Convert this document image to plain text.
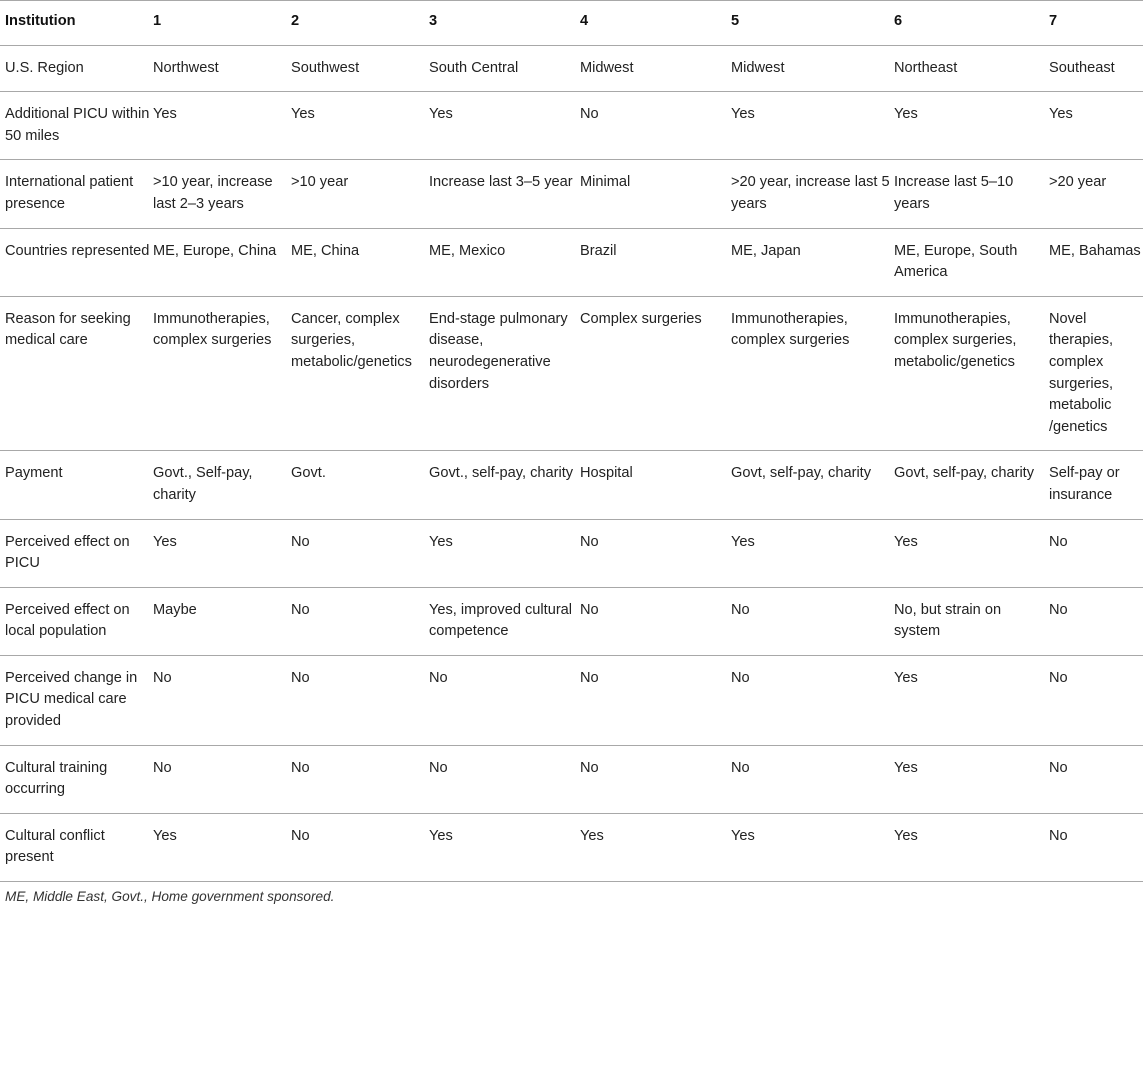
Institution	1	2	3	4	5	6	7
U.S. Region	Northwest	Southwest	South Central	Midwest	Midwest	Northeast	Southeast
Additional PICU within 50 miles	Yes	Yes	Yes	No	Yes	Yes	Yes
International patient presence	>10 year, increase last 2–3 years	>10 year	Increase last 3–5 year	Minimal	>20 year, increase last 5 years	Increase last 5–10 years	>20 year
Countries represented	ME, Europe, China	ME, China	ME, Mexico	Brazil	ME, Japan	ME, Europe, South America	ME, Bahamas
Reason for seeking medical care	Immunotherapies, complex surgeries	Cancer, complex surgeries, metabolic/genetics	End-stage pulmonary disease, neurodegenerative disorders	Complex surgeries	Immunotherapies, complex surgeries	Immunotherapies, complex surgeries, metabolic/genetics	Novel therapies, complex surgeries, metabolic /genetics
Payment	Govt., Self-pay, charity	Govt.	Govt., self-pay, charity	Hospital	Govt, self-pay, charity	Govt, self-pay, charity	Self-pay or insurance
Perceived effect on PICU	Yes	No	Yes	No	Yes	Yes	No
Perceived effect on local population	Maybe	No	Yes, improved cultural competence	No	No	No, but strain on system	No
Perceived change in PICU medical care provided	No	No	No	No	No	Yes	No
Cultural training occurring	No	No	No	No	No	Yes	No
Cultural conflict present	Yes	No	Yes	Yes	Yes	Yes	No
ME, Middle East, Govt., Home government sponsored.
